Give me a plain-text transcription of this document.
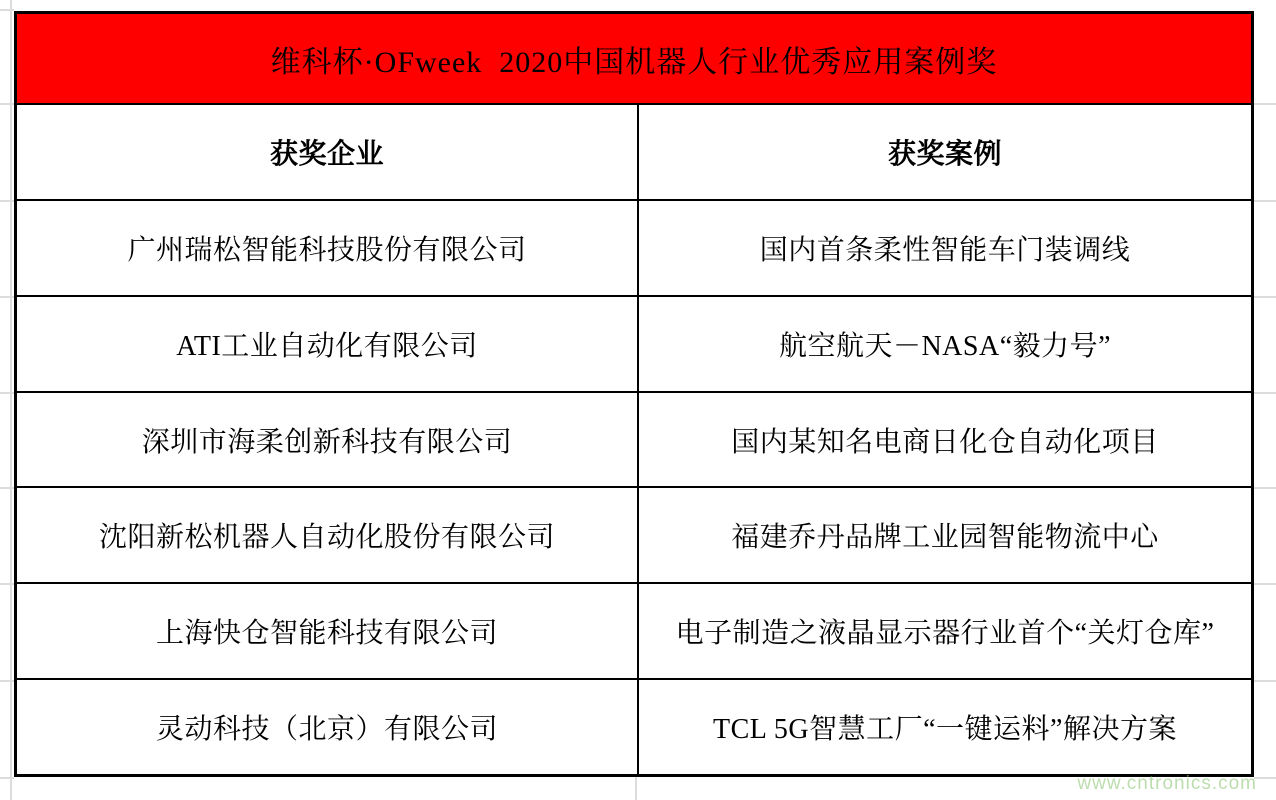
维科杯·OFweek  2020中国机器人行业优秀应用案例奖
获奖企业	获奖案例
广州瑞松智能科技股份有限公司	国内首条柔性智能车门装调线
ATI工业自动化有限公司	航空航天－NASA“毅力号”
深圳市海柔创新科技有限公司	国内某知名电商日化仓自动化项目
沈阳新松机器人自动化股份有限公司	福建乔丹品牌工业园智能物流中心
上海快仓智能科技有限公司	电子制造之液晶显示器行业首个“关灯仓库”
灵动科技（北京）有限公司	TCL 5G智慧工厂“一键运料”解决方案
www.cntronics.com
